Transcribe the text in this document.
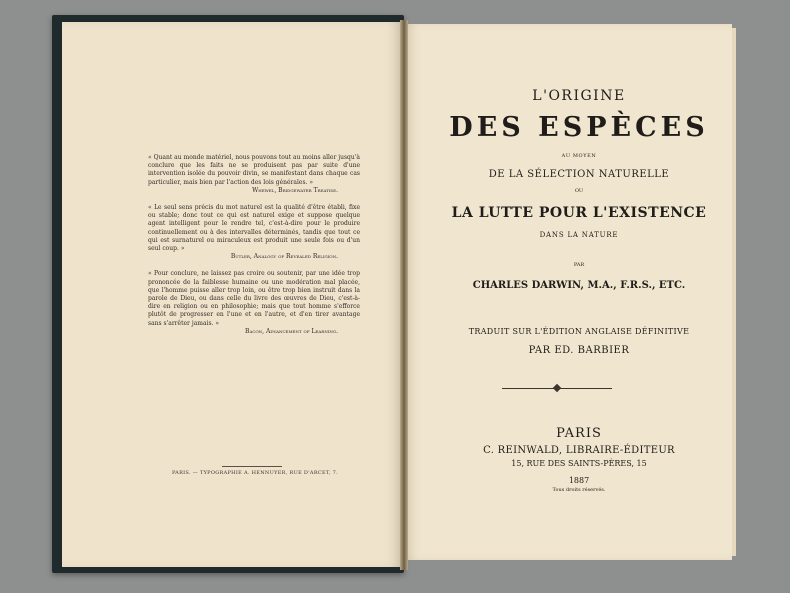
« Quant au monde matériel, nous pouvons tout au moins aller jusqu'à conclure que les faits ne se produisent pas par suite d'une intervention isolée du pouvoir divin, se manifestant dans chaque cas particulier, mais bien par l'action des lois générales. »
Whewel, Bridgewater Treatise.
« Le seul sens précis du mot naturel est la qualité d'être établi, fixe ou stable; donc tout ce qui est naturel exige et suppose quelque agent intelligent pour le rendre tel, c'est-à-dire pour le produire continuellement ou à des intervalles déterminés, tandis que tout ce qui est surnaturel ou miraculeux est produit une seule fois ou d'un seul coup. »
Butler, Analogy of Revealed Religion.
« Pour conclure, ne laissez pas croire ou soutenir, par une idée trop prononcée de la faiblesse humaine ou une modération mal placée, que l'homme puisse aller trop loin, ou être trop bien instruit dans la parole de Dieu, ou dans celle du livre des œuvres de Dieu, c'est-à-dire en religion ou en philosophie; mais que tout homme s'efforce plutôt de progresser en l'une et en l'autre, et d'en tirer avantage sans s'arrêter jamais. »
Bacon, Advancement of Learning.
PARIS. — TYPOGRAPHIE A. HENNUYER, RUE D'ARCET, 7.
L'ORIGINE
DES ESPÈCES
AU MOYEN
DE LA SÉLECTION NATURELLE
OU
LA LUTTE POUR L'EXISTENCE
DANS LA NATURE
PAR
CHARLES DARWIN, M.A., F.R.S., ETC.
TRADUIT SUR L'ÉDITION ANGLAISE DÉFINITIVE
PAR ED. BARBIER
PARIS
C. REINWALD, LIBRAIRE-ÉDITEUR
15, RUE DES SAINTS-PÈRES, 15
1887
Tous droits réservés.
